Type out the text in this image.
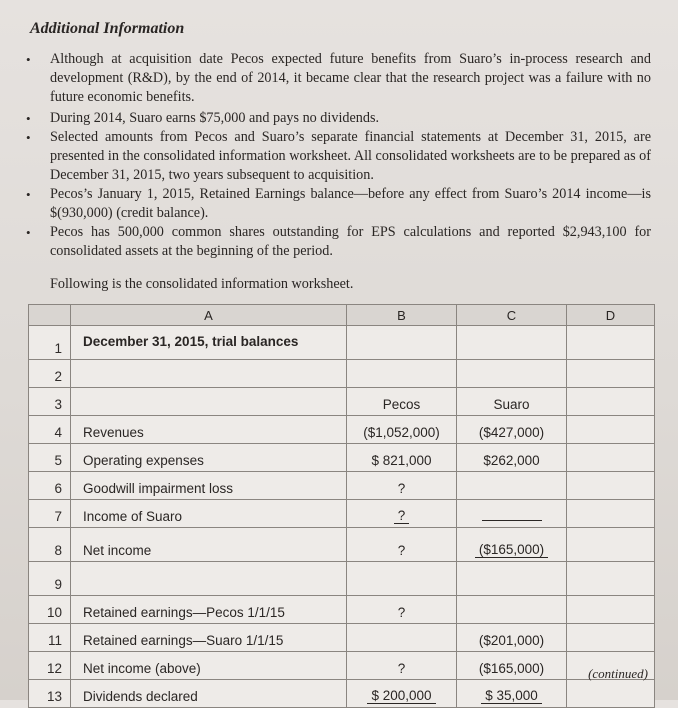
Additional Information

•	Although at acquisition date Pecos expected future benefits from Suaro’s in-process research and development (R&D), by the end of 2014, it became clear that the research project was a failure with no future economic benefits.

•	During 2014, Suaro earns $75,000 and pays no dividends.

•	Selected amounts from Pecos and Suaro’s separate financial statements at December 31, 2015, are presented in the consolidated information worksheet. All consolidated worksheets are to be prepared as of December 31, 2015, two years subsequent to acquisition.

•	Pecos’s January 1, 2015, Retained Earnings balance—before any effect from Suaro’s 2014 income—is $(930,000) (credit balance).

•	Pecos has 500,000 common shares outstanding for EPS calculations and reported $2,943,100 for consolidated assets at the beginning of the period.

Following is the consolidated information worksheet.
	A	B	C	D
1	December 31, 2015, trial balances			
2				
3		Pecos	Suaro	
4	Revenues	($1,052,000)	($427,000)	
5	Operating expenses	$ 821,000	$262,000	
6	Goodwill impairment loss	?		
7	Income of Suaro	?		
8	Net income	?	($165,000)	
9				
10	Retained earnings—Pecos 1/1/15	?		
11	Retained earnings—Suaro 1/1/15		($201,000)	
12	Net income (above)	?	($165,000)	
13	Dividends declared	$ 200,000	$ 35,000	
(continued)
